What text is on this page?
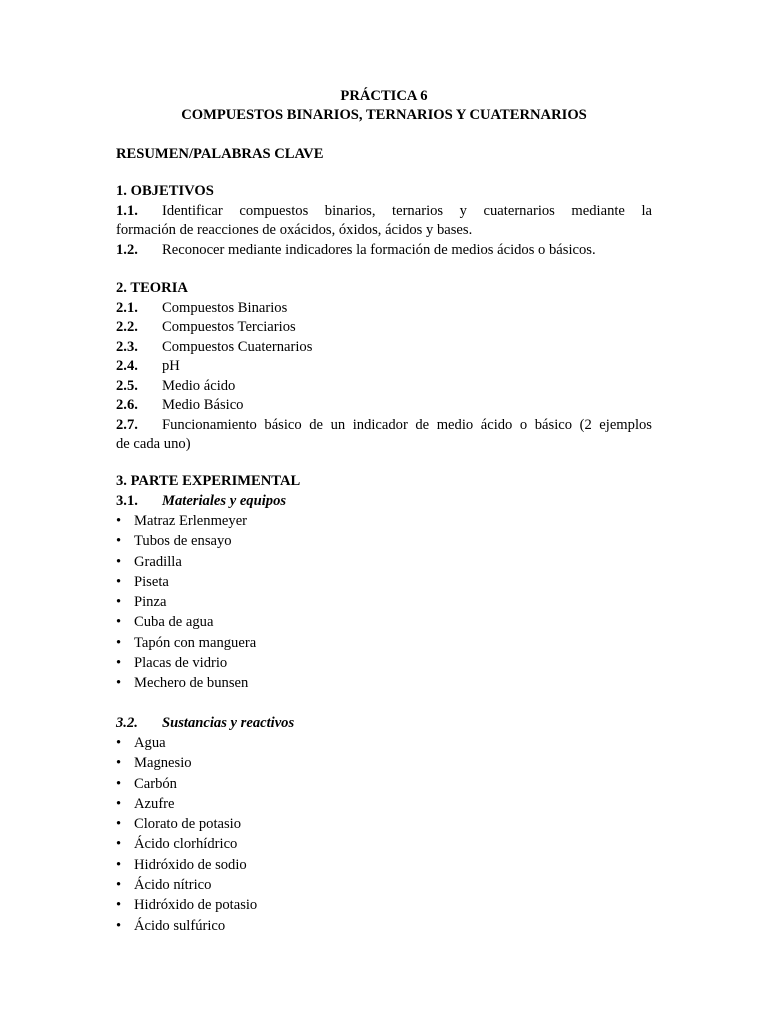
PRÁCTICA 6
COMPUESTOS BINARIOS, TERNARIOS Y CUATERNARIOS
RESUMEN/PALABRAS CLAVE
1. OBJETIVOS
1.1. Identificar compuestos binarios, ternarios y cuaternarios mediante la
formación de reacciones de oxácidos, óxidos, ácidos y bases.
1.2. Reconocer mediante indicadores la formación de medios ácidos o básicos.
2. TEORIA
2.1. Compuestos Binarios
2.2. Compuestos Terciarios
2.3. Compuestos Cuaternarios
2.4. pH
2.5. Medio ácido
2.6. Medio Básico
2.7. Funcionamiento básico de un indicador de medio ácido o básico (2 ejemplos
de cada uno)
3. PARTE EXPERIMENTAL
3.1. Materiales y equipos
• Matraz Erlenmeyer
• Tubos de ensayo
• Gradilla
• Piseta
• Pinza
• Cuba de agua
• Tapón con manguera
• Placas de vidrio
• Mechero de bunsen
3.2. Sustancias y reactivos
• Agua
• Magnesio
• Carbón
• Azufre
• Clorato de potasio
• Ácido clorhídrico
• Hidróxido de sodio
• Ácido nítrico
• Hidróxido de potasio
• Ácido sulfúrico
